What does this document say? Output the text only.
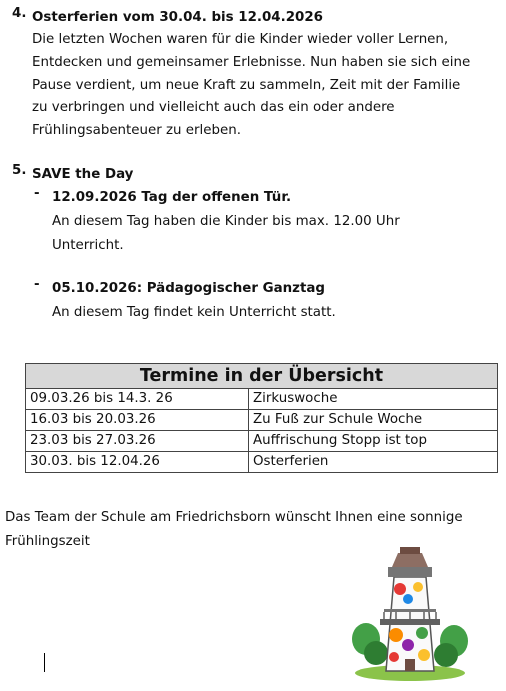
4. Osterferien vom 30.04. bis 12.04.2026

Die letzten Wochen waren für die Kinder wieder voller Lernen,

Entdecken und gemeinsamer Erlebnisse. Nun haben sie sich eine

Pause verdient, um neue Kraft zu sammeln, Zeit mit der Familie

zu verbringen und vielleicht auch das ein oder andere

Frühlingsabenteuer zu erleben.

5. SAVE the Day
- 12.09.2026 Tag der offenen Tür.

An diesem Tag haben die Kinder bis max. 12.00 Uhr

Unterricht.

- 05.10.2026: Pädagogischer Ganztag

An diesem Tag findet kein Unterricht statt.

Termine in der Übersicht	
09.03.26 bis 14.3. 26	Zirkuswoche
16.03 bis 20.03.26	Zu Fuß zur Schule Woche
23.03 bis 27.03.26	Auffrischung Stopp ist top
30.03. bis 12.04.26	Osterferien
Das Team der Schule am Friedrichsborn wünscht Ihnen eine sonnige
Frühlingszeit
